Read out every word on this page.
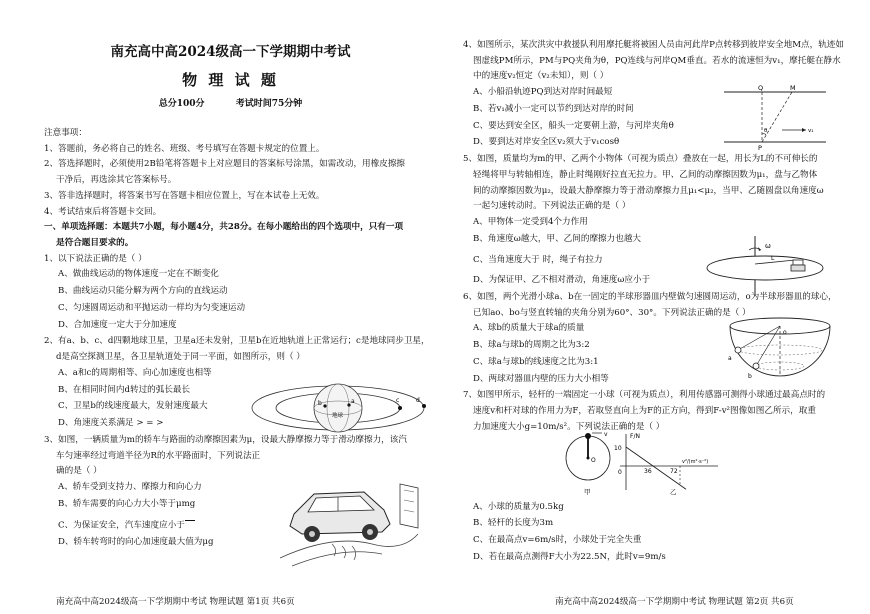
南充高中高2024级高一下学期期中考试
物 理 试 题
总分100分	考试时间75分钟
注意事项：
1、答题前，务必将自己的姓名、班级、考号填写在答题卡规定的位置上。
2、答选择题时，必须使用2B铅笔将答题卡上对应题目的答案标号涂黑，如需改动，用橡皮擦擦
干净后，再选涂其它答案标号。
3、答非选择题时，将答案书写在答题卡相应位置上，写在本试卷上无效。
4、考试结束后将答题卡交回。
一、单项选择题：本题共7小题，每小题4分，共28分。在每小题给出的四个选项中，只有一项
是符合题目要求的。
1、以下说法正确的是（ ）
A、做曲线运动的物体速度一定在不断变化
B、曲线运动只能分解为两个方向的直线运动
C、匀速圆周运动和平抛运动一样均为匀变速运动
D、合加速度一定大于分加速度
2、有a、b、c、d四颗地球卫星，卫星a还未发射，卫星b在近地轨道上正常运行；c是地球同步卫星，
d是高空探测卫星，各卫星轨道处于同一平面，如图所示，则（ ）
A、a和c的周期相等、向心加速度也相等
B、在相同时间内d转过的弧长最长
C、卫星b的线速度最大，发射速度最大
D、角速度关系满足 > = >
3、如图，一辆质量为m的轿车与路面的动摩擦因素为μ，设最大静摩擦力等于滑动摩擦力，该汽
车匀速率经过弯道半径为R的水平路面时，下列说法正
确的是（ ）
A、轿车受到支持力、摩擦力和向心力
B、轿车需要的向心力大小等于μmg
C、为保证安全，汽车速度应小于
D、轿车转弯时的向心加速度最大值为μg
南充高中高2024级高一下学期期中考试 物理试题 第1页 共6页
b	a	c	d
地球
4、如图所示，某次洪灾中救援队利用摩托艇将被困人员由河此岸P点转移到彼岸安全地M点，轨迹如
图虚线PM所示，PM与PQ夹角为θ，PQ连线与河岸QM垂直。若水的流速恒为v₁，摩托艇在静水
中的速度v₂恒定（v₂未知），则（ ）
A、小船沿轨迹PQ到达对岸时间最短
B、若v₁减小一定可以节约到达对岸的时间
C、要达到安全区，船头一定要朝上游，与河岸夹角θ
D、要到达对岸安全区v₂须大于v₁cosθ
5、如图，质量均为m的甲、乙两个小物体（可视为质点）叠放在一起，用长为L的不可伸长的
轻绳将甲与转轴相连，静止时绳刚好拉直无拉力。甲、乙间的动摩擦因数为μ₁，盘与乙物体
间的动摩擦因数为μ₂，设最大静摩擦力等于滑动摩擦力且μ₁<μ₂，当甲、乙随圆盘以角速度ω
一起匀速转动时。下列说法正确的是（ ）
A、甲物体一定受到4个力作用
B、角速度ω越大，甲、乙间的摩擦力也越大
C、当角速度大于 时，绳子有拉力
D、为保证甲、乙不相对滑动，角速度ω应小于
6、如图，两个光滑小球a、b在一固定的半球形器皿内壁做匀速圆周运动，o为半球形器皿的球心，
已知ao、bo与竖直转轴的夹角分别为60°、30°。下列说法正确的是（ ）
A、球b的质量大于球a的质量
B、球a与球b的周期之比为3:2
C、球a与球b的线速度之比为3:1
D、两球对器皿内壁的压力大小相等
7、如图甲所示，轻杆的一端固定一小球（可视为质点），利用传感器可测得小球通过最高点时的
速度v和杆对球的作用力为F，若取竖直向上为F的正方向，得到F-v²图像如图乙所示，取重
力加速度大小g=10m/s²。下列说法正确的是（ ）
A、小球的质量为0.5kg
B、轻杆的长度为3m
C、在最高点v=6m/s时，小球处于完全失重
D、若在最高点测得F大小为22.5N，此时v=9m/s
南充高中高2024级高一下学期期中考试 物理试题 第2页 共6页
Q	M
θ	v₁
P
ω
L
o
a
b
v
O
甲
F/N
10
0	36	72
v²/(m²·s⁻²)
乙
